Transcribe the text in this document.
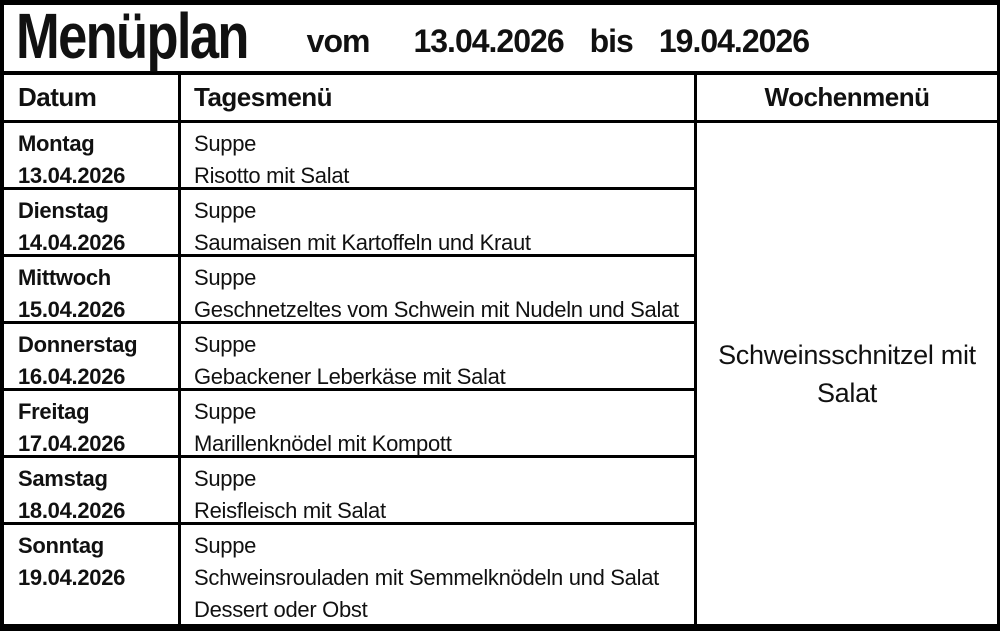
Menüplan vom 13.04.2026 bis 19.04.2026
Datum	Tagesmenü
Montag
13.04.2026
Suppe
Risotto mit Salat
Dienstag
14.04.2026
Suppe
Saumaisen mit Kartoffeln und Kraut
Mittwoch
15.04.2026
Suppe
Geschnetzeltes vom Schwein mit Nudeln und Salat
Donnerstag
16.04.2026
Suppe
Gebackener Leberkäse mit Salat
Freitag
17.04.2026
Suppe
Marillenknödel mit Kompott
Samstag
18.04.2026
Suppe
Reisfleisch mit Salat
Sonntag
19.04.2026
Suppe
Schweinsrouladen mit Semmelknödeln und Salat
Dessert oder Obst
Wochenmenü
Schweinsschnitzel mit Salat
